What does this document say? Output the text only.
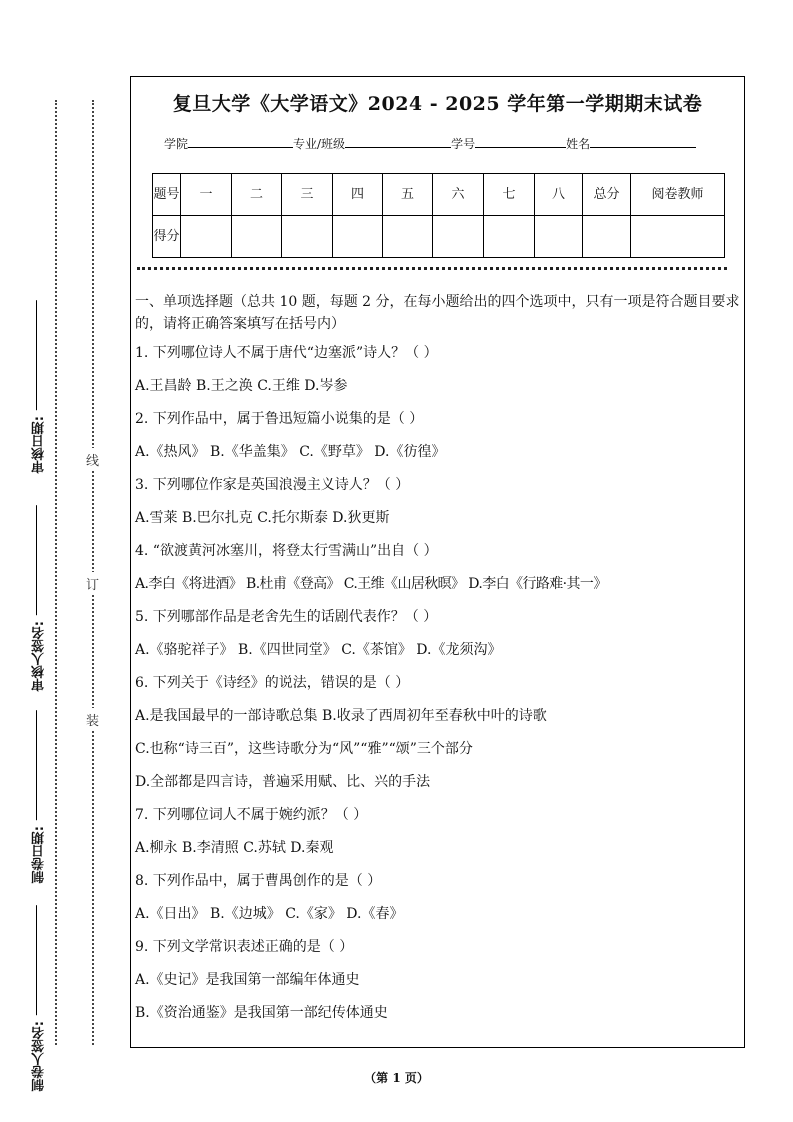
审核日期:
审核人签名:
制卷日期:
制卷人签名:
线
订
装
复旦大学《大学语文》2024 - 2025 学年第一学期期末试卷
学院	专业/班级	学号	姓名
题号	一	二	三	四	五	六	七	八	总分	阅卷教师
得分										
一、单项选择题（总共 10 题，每题 2 分，在每小题给出的四个选项中，只有一项是符合题目要求的，请将正确答案填写在括号内）
1. 下列哪位诗人不属于唐代“边塞派”诗人？（ ）
A.王昌龄 B.王之涣 C.王维 D.岑参
2. 下列作品中，属于鲁迅短篇小说集的是（ ）
A.《热风》 B.《华盖集》 C.《野草》 D.《彷徨》
3. 下列哪位作家是英国浪漫主义诗人？（ ）
A.雪莱 B.巴尔扎克 C.托尔斯泰 D.狄更斯
4. “欲渡黄河冰塞川，将登太行雪满山”出自（ ）
A.李白《将进酒》 B.杜甫《登高》 C.王维《山居秋暝》 D.李白《行路难·其一》
5. 下列哪部作品是老舍先生的话剧代表作？（ ）
A.《骆驼祥子》 B.《四世同堂》 C.《茶馆》 D.《龙须沟》
6. 下列关于《诗经》的说法，错误的是（ ）
A.是我国最早的一部诗歌总集 B.收录了西周初年至春秋中叶的诗歌
C.也称“诗三百”，这些诗歌分为“风”“雅”“颂”三个部分
D.全部都是四言诗，普遍采用赋、比、兴的手法
7. 下列哪位词人不属于婉约派？（ ）
A.柳永 B.李清照 C.苏轼 D.秦观
8. 下列作品中，属于曹禺创作的是（ ）
A.《日出》 B.《边城》 C.《家》 D.《春》
9. 下列文学常识表述正确的是（ ）
A.《史记》是我国第一部编年体通史
B.《资治通鉴》是我国第一部纪传体通史
（第 1 页）
